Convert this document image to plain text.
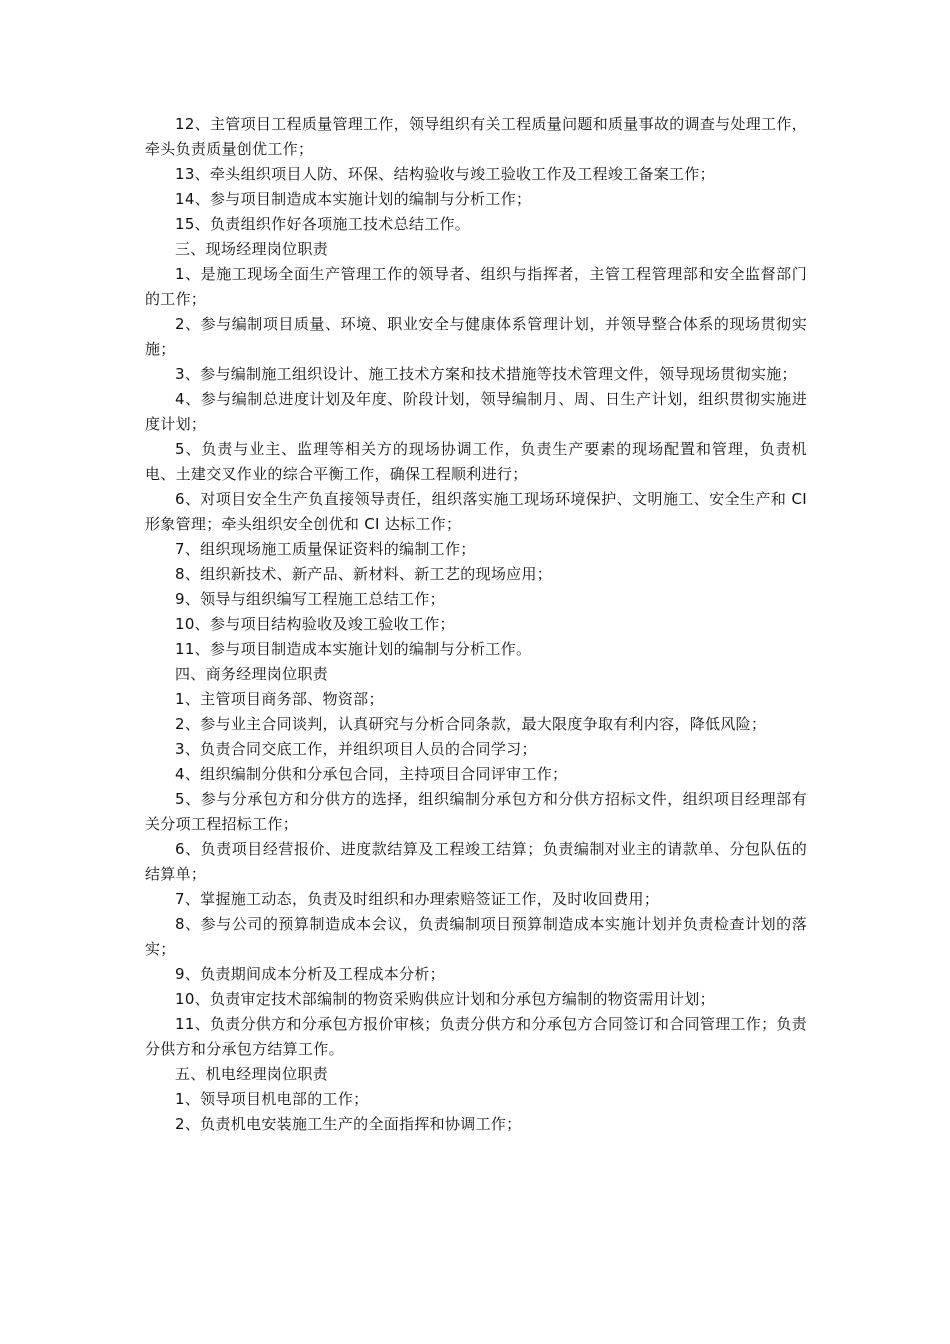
12、主管项目工程质量管理工作，领导组织有关工程质量问题和质量事故的调查与处理工作，牵头负责质量创优工作；

13、牵头组织项目人防、环保、结构验收与竣工验收工作及工程竣工备案工作；

14、参与项目制造成本实施计划的编制与分析工作；

15、负责组织作好各项施工技术总结工作。

三、现场经理岗位职责

1、是施工现场全面生产管理工作的领导者、组织与指挥者，主管工程管理部和安全监督部门的工作；

2、参与编制项目质量、环境、职业安全与健康体系管理计划，并领导整合体系的现场贯彻实施；

3、参与编制施工组织设计、施工技术方案和技术措施等技术管理文件，领导现场贯彻实施；

4、参与编制总进度计划及年度、阶段计划，领导编制月、周、日生产计划，组织贯彻实施进度计划；

5、负责与业主、监理等相关方的现场协调工作，负责生产要素的现场配置和管理，负责机电、土建交叉作业的综合平衡工作，确保工程顺利进行；

6、对项目安全生产负直接领导责任，组织落实施工现场环境保护、文明施工、安全生产和 CI 形象管理；牵头组织安全创优和 CI 达标工作；

7、组织现场施工质量保证资料的编制工作；

8、组织新技术、新产品、新材料、新工艺的现场应用；

9、领导与组织编写工程施工总结工作；

10、参与项目结构验收及竣工验收工作；

11、参与项目制造成本实施计划的编制与分析工作。

四、商务经理岗位职责

1、主管项目商务部、物资部；

2、参与业主合同谈判，认真研究与分析合同条款，最大限度争取有利内容，降低风险；

3、负责合同交底工作，并组织项目人员的合同学习；

4、组织编制分供和分承包合同，主持项目合同评审工作；

5、参与分承包方和分供方的选择，组织编制分承包方和分供方招标文件，组织项目经理部有关分项工程招标工作；

6、负责项目经营报价、进度款结算及工程竣工结算；负责编制对业主的请款单、分包队伍的结算单；

7、掌握施工动态，负责及时组织和办理索赔签证工作，及时收回费用；

8、参与公司的预算制造成本会议，负责编制项目预算制造成本实施计划并负责检查计划的落实；

9、负责期间成本分析及工程成本分析；

10、负责审定技术部编制的物资采购供应计划和分承包方编制的物资需用计划；

11、负责分供方和分承包方报价审核；负责分供方和分承包方合同签订和合同管理工作；负责分供方和分承包方结算工作。

五、机电经理岗位职责

1、领导项目机电部的工作；

2、负责机电安装施工生产的全面指挥和协调工作；
